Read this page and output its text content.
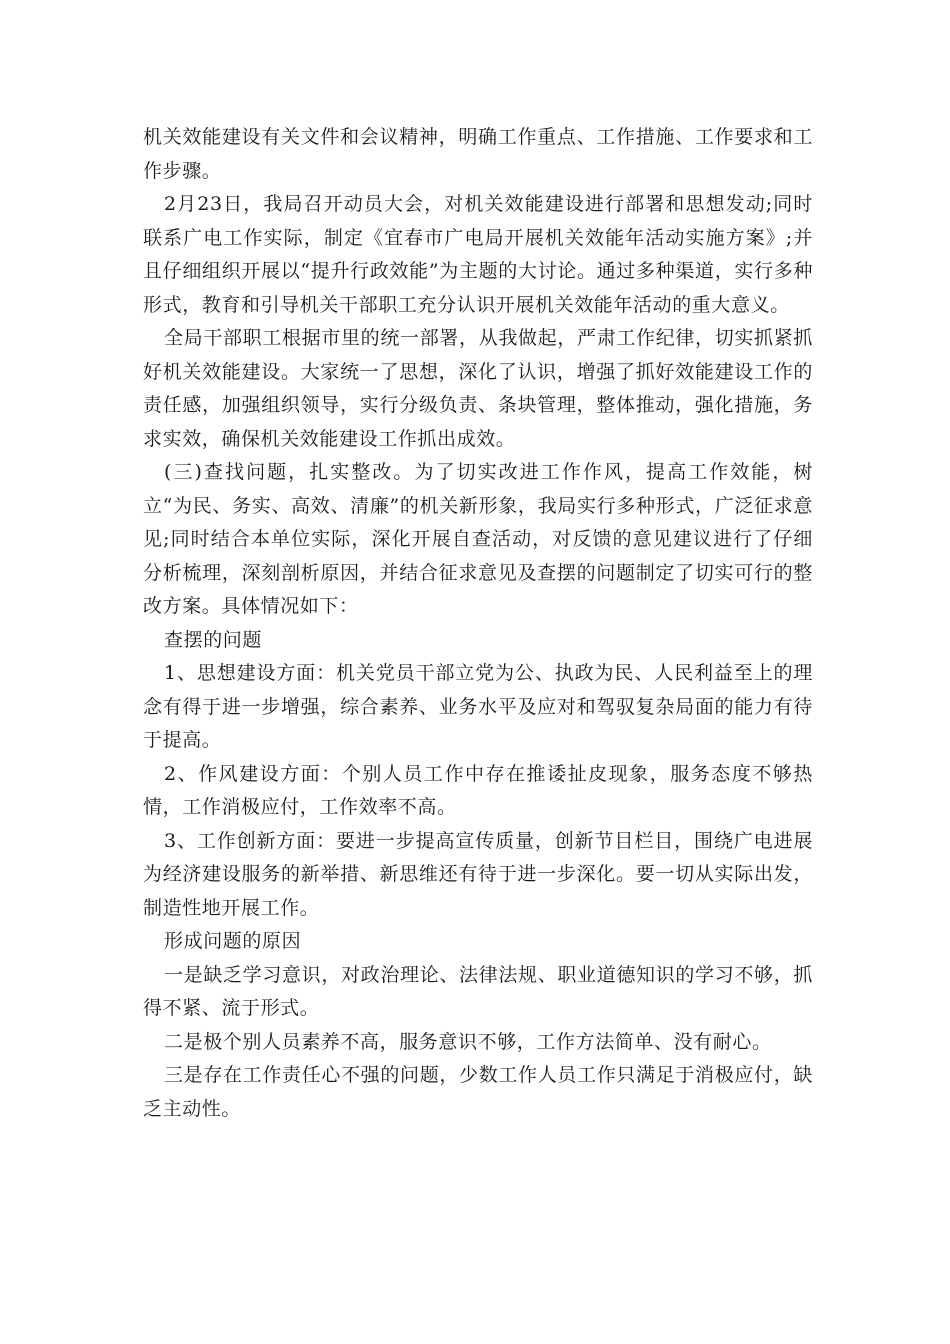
机关效能建设有关文件和会议精神，明确工作重点、工作措施、工作要求和工作步骤。

2月23日，我局召开动员大会，对机关效能建设进行部署和思想发动;同时联系广电工作实际，制定《宜春市广电局开展机关效能年活动实施方案》;并且仔细组织开展以“提升行政效能”为主题的大讨论。通过多种渠道，实行多种形式，教育和引导机关干部职工充分认识开展机关效能年活动的重大意义。

全局干部职工根据市里的统一部署，从我做起，严肃工作纪律，切实抓紧抓好机关效能建设。大家统一了思想，深化了认识，增强了抓好效能建设工作的责任感，加强组织领导，实行分级负责、条块管理，整体推动，强化措施，务求实效，确保机关效能建设工作抓出成效。

(三)查找问题，扎实整改。为了切实改进工作作风，提高工作效能，树立“为民、务实、高效、清廉”的机关新形象，我局实行多种形式，广泛征求意见;同时结合本单位实际，深化开展自查活动，对反馈的意见建议进行了仔细分析梳理，深刻剖析原因，并结合征求意见及查摆的问题制定了切实可行的整改方案。具体情况如下：

查摆的问题

1、思想建设方面：机关党员干部立党为公、执政为民、人民利益至上的理念有得于进一步增强，综合素养、业务水平及应对和驾驭复杂局面的能力有待于提高。

2、作风建设方面：个别人员工作中存在推诿扯皮现象，服务态度不够热情，工作消极应付，工作效率不高。

3、工作创新方面：要进一步提高宣传质量，创新节目栏目，围绕广电进展为经济建设服务的新举措、新思维还有待于进一步深化。要一切从实际出发，制造性地开展工作。

形成问题的原因

一是缺乏学习意识，对政治理论、法律法规、职业道德知识的学习不够，抓得不紧、流于形式。

二是极个别人员素养不高，服务意识不够，工作方法简单、没有耐心。

三是存在工作责任心不强的问题，少数工作人员工作只满足于消极应付，缺乏主动性。
